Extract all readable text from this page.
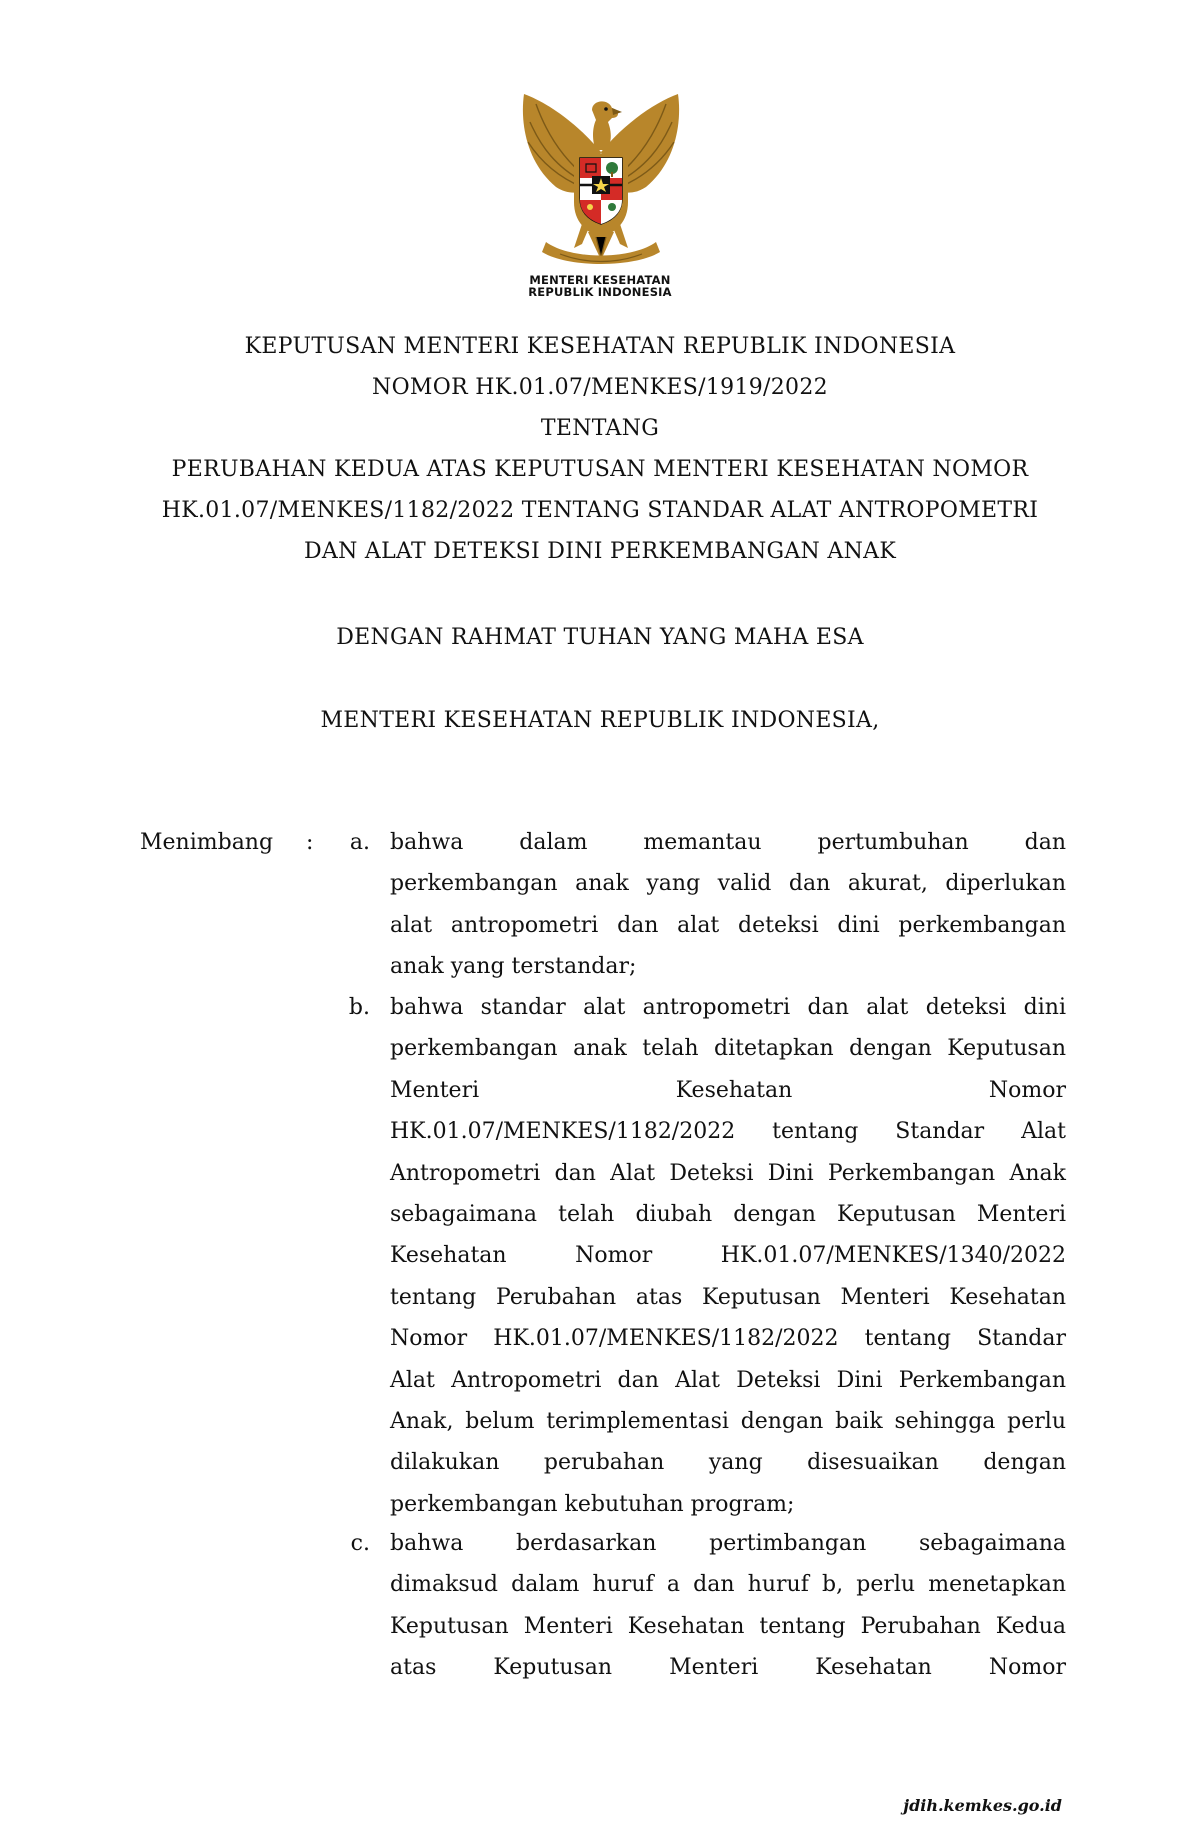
MENTERI KESEHATAN
REPUBLIK INDONESIA
KEPUTUSAN MENTERI KESEHATAN REPUBLIK INDONESIA
NOMOR HK.01.07/MENKES/1919/2022
TENTANG
PERUBAHAN KEDUA ATAS KEPUTUSAN MENTERI KESEHATAN NOMOR
HK.01.07/MENKES/1182/2022 TENTANG STANDAR ALAT ANTROPOMETRI
DAN ALAT DETEKSI DINI PERKEMBANGAN ANAK
DENGAN RAHMAT TUHAN YANG MAHA ESA
MENTERI KESEHATAN REPUBLIK INDONESIA,
Menimbang :	a. bahwa dalam memantau pertumbuhan dan
perkembangan anak yang valid dan akurat, diperlukan
alat antropometri dan alat deteksi dini perkembangan
anak yang terstandar;
b. bahwa standar alat antropometri dan alat deteksi dini
perkembangan anak telah ditetapkan dengan Keputusan
Menteri Kesehatan Nomor
HK.01.07/MENKES/1182/2022 tentang Standar Alat
Antropometri dan Alat Deteksi Dini Perkembangan Anak
sebagaimana telah diubah dengan Keputusan Menteri
Kesehatan Nomor HK.01.07/MENKES/1340/2022
tentang Perubahan atas Keputusan Menteri Kesehatan
Nomor HK.01.07/MENKES/1182/2022 tentang Standar
Alat Antropometri dan Alat Deteksi Dini Perkembangan
Anak, belum terimplementasi dengan baik sehingga perlu
dilakukan perubahan yang disesuaikan dengan
perkembangan kebutuhan program;
c. bahwa berdasarkan pertimbangan sebagaimana
dimaksud dalam huruf a dan huruf b, perlu menetapkan
Keputusan Menteri Kesehatan tentang Perubahan Kedua
atas Keputusan Menteri Kesehatan Nomor
jdih.kemkes.go.id
